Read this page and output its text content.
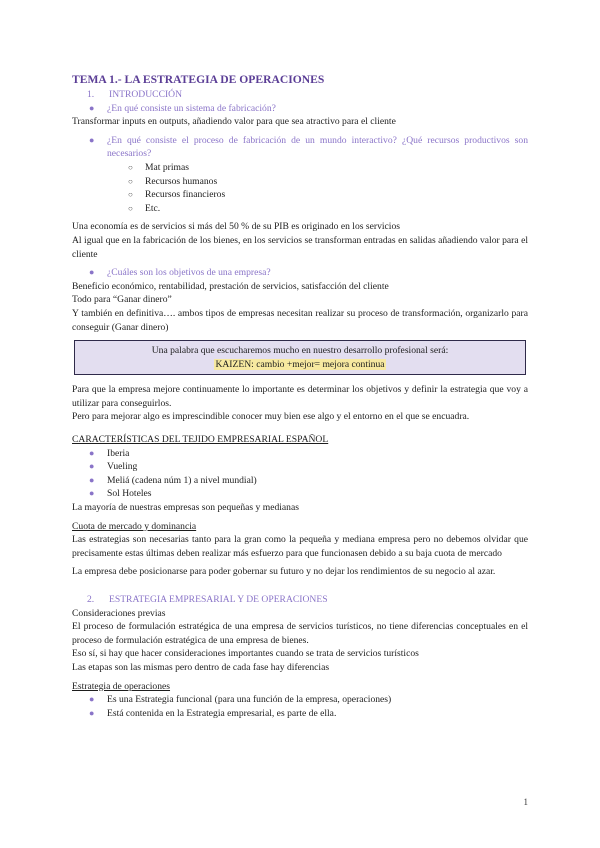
TEMA 1.- LA ESTRATEGIA DE OPERACIONES
1.	INTRODUCCIÓN
●	¿En qué consiste un sistema de fabricación?
Transformar inputs en outputs, añadiendo valor para que sea atractivo para el cliente
●	¿En qué consiste el proceso de fabricación de un mundo interactivo? ¿Qué recursos productivos son necesarios?
○	Mat primas
○	Recursos humanos
○	Recursos financieros
○	Etc.
Una economía es de servicios si más del 50 % de su PIB es originado en los servicios
Al igual que en la fabricación de los bienes, en los servicios se transforman entradas en salidas añadiendo valor para el cliente
●	¿Cuáles son los objetivos de una empresa?
Beneficio económico, rentabilidad, prestación de servicios, satisfacción del cliente
Todo para “Ganar dinero”
Y también en definitiva…. ambos tipos de empresas necesitan realizar su proceso de transformación, organizarlo para conseguir (Ganar dinero)
Una palabra que escucharemos mucho en nuestro desarrollo profesional será:
KAIZEN: cambio +mejor= mejora continua
Para que la empresa mejore continuamente lo importante es determinar los objetivos y definir la estrategia que voy a utilizar para conseguirlos.
Pero para mejorar algo es imprescindible conocer muy bien ese algo y el entorno en el que se encuadra.
CARACTERÍSTICAS DEL TEJIDO EMPRESARIAL ESPAÑOL
●	Iberia
●	Vueling
●	Meliá (cadena núm 1) a nivel mundial)
●	Sol Hoteles
La mayoría de nuestras empresas son pequeñas y medianas
Cuota de mercado y dominancia
Las estrategias son necesarias tanto para la gran como la pequeña y mediana empresa pero no debemos olvidar que precisamente estas últimas deben realizar más esfuerzo para que funcionasen debido a su baja cuota de mercado
La empresa debe posicionarse para poder gobernar su futuro y no dejar los rendimientos de su negocio al azar.
2.	ESTRATEGIA EMPRESARIAL Y DE OPERACIONES
Consideraciones previas
El proceso de formulación estratégica de una empresa de servicios turísticos, no tiene diferencias conceptuales en el proceso de formulación estratégica de una empresa de bienes.
Eso sí, si hay que hacer consideraciones importantes cuando se trata de servicios turísticos
Las etapas son las mismas pero dentro de cada fase hay diferencias
Estrategia de operaciones
●	Es una Estrategia funcional (para una función de la empresa, operaciones)
●	Está contenida en la Estrategia empresarial, es parte de ella.
1
